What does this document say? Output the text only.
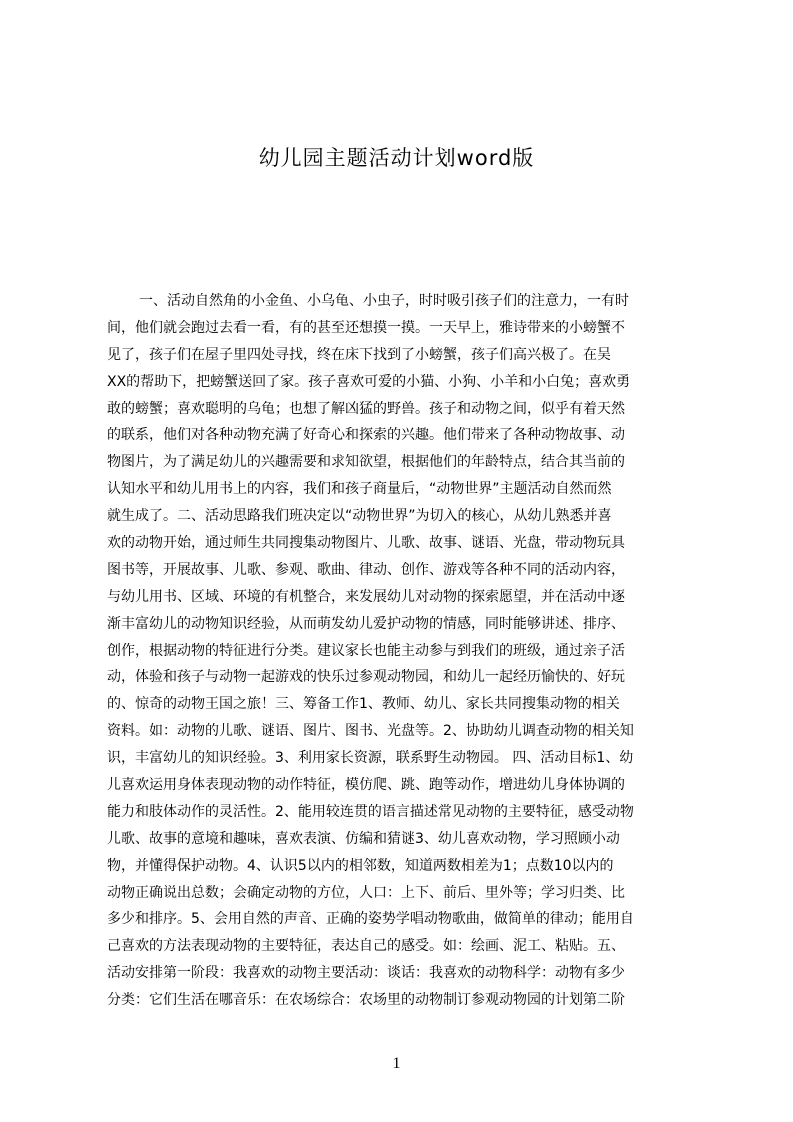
幼儿园主题活动计划word版
一、活动自然角的小金鱼、小乌龟、小虫子，时时吸引孩子们的注意力，一有时
间，他们就会跑过去看一看，有的甚至还想摸一摸。一天早上，雅诗带来的小螃蟹不
见了，孩子们在屋子里四处寻找，终在床下找到了小螃蟹，孩子们高兴极了。在吴
XX的帮助下，把螃蟹送回了家。孩子喜欢可爱的小猫、小狗、小羊和小白兔；喜欢勇
敢的螃蟹；喜欢聪明的乌龟；也想了解凶猛的野兽。孩子和动物之间，似乎有着天然
的联系，他们对各种动物充满了好奇心和探索的兴趣。他们带来了各种动物故事、动
物图片，为了满足幼儿的兴趣需要和求知欲望，根据他们的年龄特点，结合其当前的
认知水平和幼儿用书上的内容，我们和孩子商量后，“动物世界”主题活动自然而然
就生成了。二、活动思路我们班决定以“动物世界”为切入的核心，从幼儿熟悉并喜
欢的动物开始，通过师生共同搜集动物图片、儿歌、故事、谜语、光盘，带动物玩具
图书等，开展故事、儿歌、参观、歌曲、律动、创作、游戏等各种不同的活动内容，
与幼儿用书、区域、环境的有机整合，来发展幼儿对动物的探索愿望，并在活动中逐
渐丰富幼儿的动物知识经验，从而萌发幼儿爱护动物的情感，同时能够讲述、排序、
创作，根据动物的特征进行分类。建议家长也能主动参与到我们的班级，通过亲子活
动，体验和孩子与动物一起游戏的快乐过参观动物园，和幼儿一起经历愉快的、好玩
的、惊奇的动物王国之旅！三、筹备工作1、教师、幼儿、家长共同搜集动物的相关
资料。如：动物的儿歌、谜语、图片、图书、光盘等。2、协助幼儿调查动物的相关知
识，丰富幼儿的知识经验。3、利用家长资源，联系野生动物园。 四、活动目标1、幼
儿喜欢运用身体表现动物的动作特征，模仿爬、跳、跑等动作，增进幼儿身体协调的
能力和肢体动作的灵活性。2、能用较连贯的语言描述常见动物的主要特征，感受动物
儿歌、故事的意境和趣味，喜欢表演、仿编和猜谜3、幼儿喜欢动物，学习照顾小动
物，并懂得保护动物。4、认识5以内的相邻数，知道两数相差为1；点数10以内的
动物正确说出总数；会确定动物的方位，人口：上下、前后、里外等；学习归类、比
多少和排序。5、会用自然的声音、正确的姿势学唱动物歌曲，做简单的律动；能用自
己喜欢的方法表现动物的主要特征，表达自己的感受。如：绘画、泥工、粘贴。五、
活动安排第一阶段：我喜欢的动物主要活动：谈话：我喜欢的动物科学：动物有多少
分类：它们生活在哪音乐：在农场综合：农场里的动物制订参观动物园的计划第二阶
1
